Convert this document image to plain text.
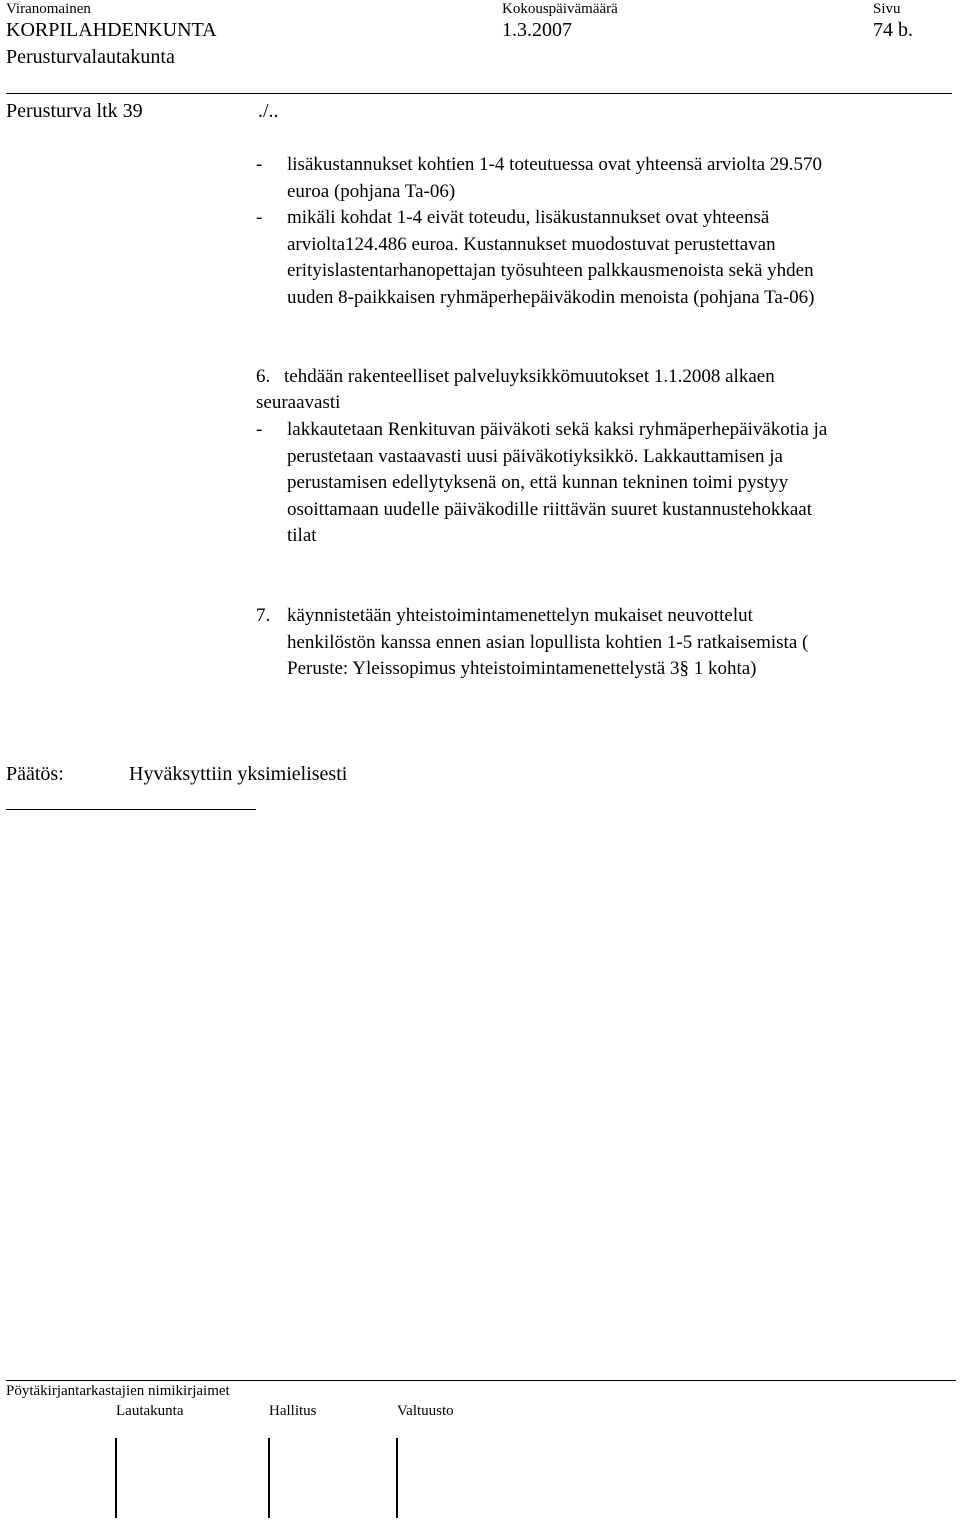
Viranomainen	Kokouspäivämäärä	Sivu
KORPILAHDENKUNTA	1.3.2007	74 b.
Perusturvalautakunta
Perusturva ltk 39	./..
- lisäkustannukset kohtien 1-4 toteutuessa ovat yhteensä arviolta 29.570
euroa (pohjana Ta-06)
- mikäli kohdat 1-4 eivät toteudu, lisäkustannukset ovat yhteensä
arviolta124.486 euroa. Kustannukset muodostuvat perustettavan
erityislastentarhanopettajan työsuhteen palkkausmenoista sekä yhden
uuden 8-paikkaisen ryhmäperhepäiväkodin menoista (pohjana Ta-06)
6. tehdään rakenteelliset palveluyksikkömuutokset 1.1.2008 alkaen
seuraavasti
- lakkautetaan Renkituvan päiväkoti sekä kaksi ryhmäperhepäiväkotia ja
perustetaan vastaavasti uusi päiväkotiyksikkö. Lakkauttamisen ja
perustamisen edellytyksenä on, että kunnan tekninen toimi pystyy
osoittamaan uudelle päiväkodille riittävän suuret kustannustehokkaat
tilat
7. käynnistetään yhteistoimintamenettelyn mukaiset neuvottelut
henkilöstön kanssa ennen asian lopullista kohtien 1-5 ratkaisemista (
Peruste: Yleissopimus yhteistoimintamenettelystä 3§ 1 kohta)
Päätös:	Hyväksyttiin yksimielisesti
Pöytäkirjantarkastajien nimikirjaimet
Lautakunta	Hallitus	Valtuusto
